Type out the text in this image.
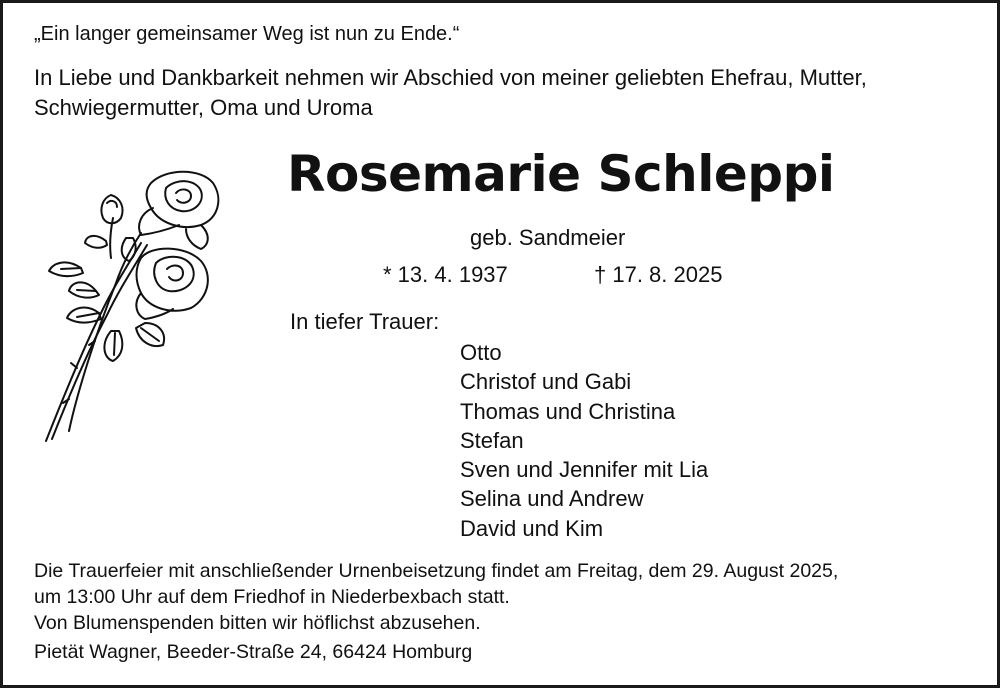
„Ein langer gemeinsamer Weg ist nun zu Ende.“
In Liebe und Dankbarkeit nehmen wir Abschied von meiner geliebten Ehefrau, Mutter, Schwiegermutter, Oma und Uroma
Rosemarie Schleppi
geb. Sandmeier
* 13. 4. 1937	† 17. 8. 2025
In tiefer Trauer:
Otto
Christof und Gabi
Thomas und Christina
Stefan
Sven und Jennifer mit Lia
Selina und Andrew
David und Kim
Die Trauerfeier mit anschließender Urnenbeisetzung findet am Freitag, dem 29. August 2025,
um 13:00 Uhr auf dem Friedhof in Niederbexbach statt.
Von Blumenspenden bitten wir höflichst abzusehen.
Pietät Wagner, Beeder-Straße 24, 66424 Homburg
